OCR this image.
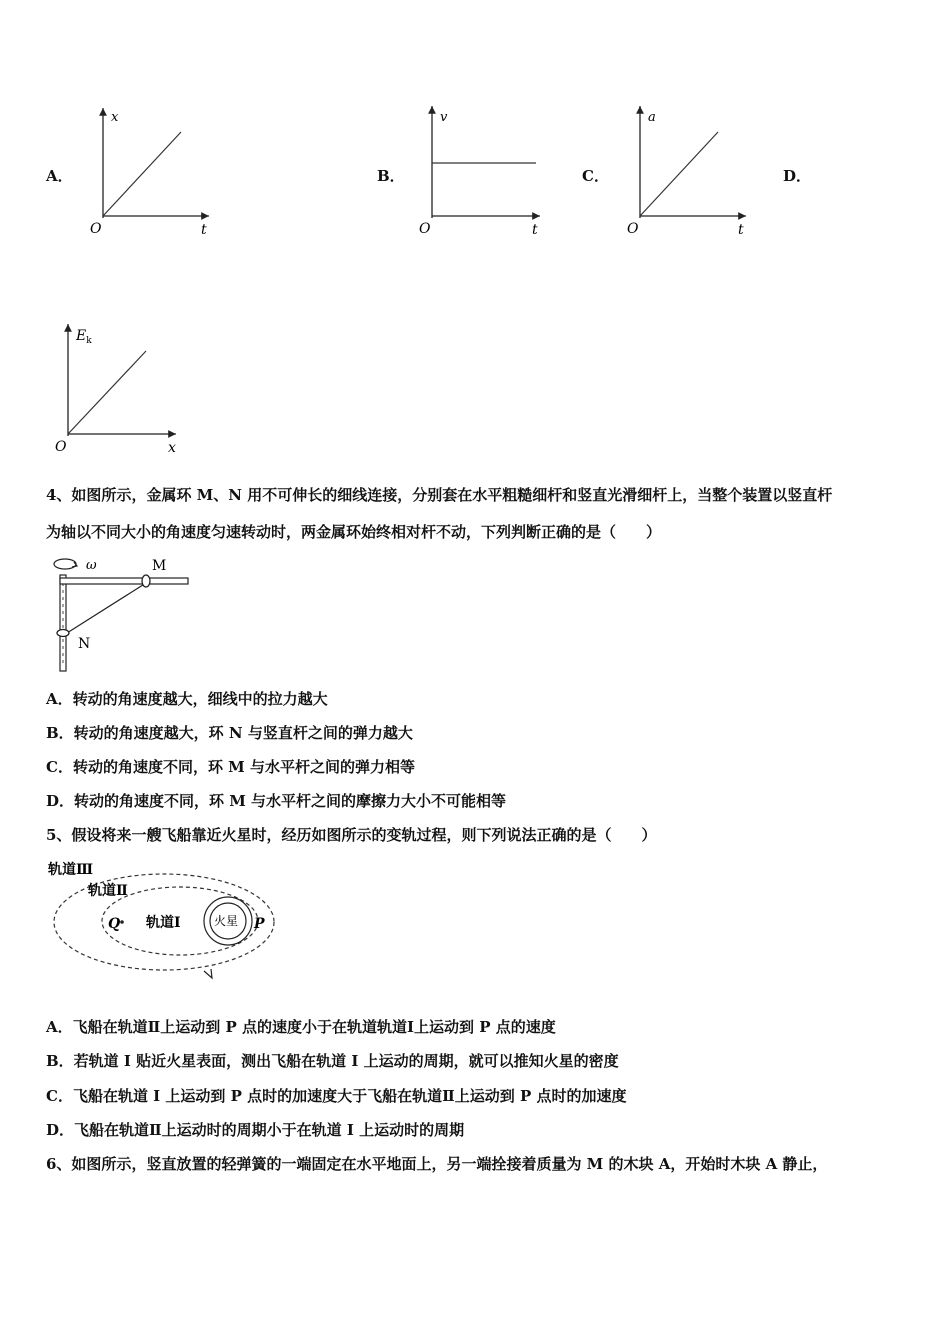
A．
x
O	t
B．
v
O	t
C．
a
O	t
D．
$E_k$
O	x
4、如图所示，金属环 M、N 用不可伸长的细线连接，分别套在水平粗糙细杆和竖直光滑细杆上，当整个装置以竖直杆
为轴以不同大小的角速度匀速转动时，两金属环始终相对杆不动，下列判断正确的是（　　）
ω	M
N
A．转动的角速度越大，细线中的拉力越大
B．转动的角速度越大，环 N 与竖直杆之间的弹力越大
C．转动的角速度不同，环 M 与水平杆之间的弹力相等
D．转动的角速度不同，环 M 与水平杆之间的摩擦力大小不可能相等
5、假设将来一艘飞船靠近火星时，经历如图所示的变轨过程，则下列说法正确的是（　　）
火星
轨道Ⅲ
轨道Ⅱ
轨道Ⅰ
Q	P
A．飞船在轨道Ⅱ上运动到 P 点的速度小于在轨道轨道Ⅰ上运动到 P 点的速度
B．若轨道 I 贴近火星表面，测出飞船在轨道 I 上运动的周期，就可以推知火星的密度
C．飞船在轨道 I 上运动到 P 点时的加速度大于飞船在轨道Ⅱ上运动到 P 点时的加速度
D．飞船在轨道Ⅱ上运动时的周期小于在轨道 I 上运动时的周期
6、如图所示，竖直放置的轻弹簧的一端固定在水平地面上，另一端拴接着质量为 M 的木块 A，开始时木块 A 静止，
